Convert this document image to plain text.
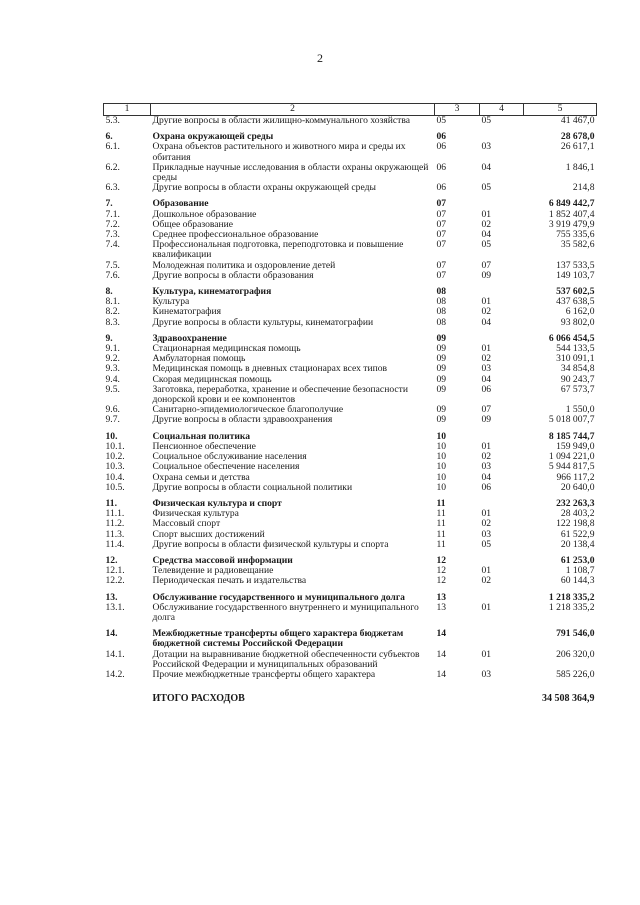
2
1	2	3	4	5
5.3.	Другие вопросы в области жилищно-коммунального хозяйства	05	05	41 467,0

6.	Охрана окружающей среды	06		28 678,0
6.1.	Охрана объектов растительного и животного мира и среды их обитания	06	03	26 617,1
6.2.	Прикладные научные исследования в области охраны окружающей среды	06	04	1 846,1
6.3.	Другие вопросы в области охраны окружающей среды	06	05	214,8

7.	Образование	07		6 849 442,7
7.1.	Дошкольное образование	07	01	1 852 407,4
7.2.	Общее образование	07	02	3 919 479,9
7.3.	Среднее профессиональное образование	07	04	755 335,6
7.4.	Профессиональная подготовка, переподготовка и повышение квалификации	07	05	35 582,6
7.5.	Молодежная политика и оздоровление детей	07	07	137 533,5
7.6.	Другие вопросы в области образования	07	09	149 103,7

8.	Культура, кинематография	08		537 602,5
8.1.	Культура	08	01	437 638,5
8.2.	Кинематография	08	02	6 162,0
8.3.	Другие вопросы в области культуры, кинематографии	08	04	93 802,0

9.	Здравоохранение	09		6 066 454,5
9.1.	Стационарная медицинская помощь	09	01	544 133,5
9.2.	Амбулаторная помощь	09	02	310 091,1
9.3.	Медицинская помощь в дневных стационарах всех типов	09	03	34 854,8
9.4.	Скорая медицинская помощь	09	04	90 243,7
9.5.	Заготовка, переработка, хранение и обеспечение безопасности донорской крови и ее компонентов	09	06	67 573,7
9.6.	Санитарно-эпидемиологическое благополучие	09	07	1 550,0
9.7.	Другие вопросы в области здравоохранения	09	09	5 018 007,7

10.	Социальная политика	10		8 185 744,7
10.1.	Пенсионное обеспечение	10	01	159 949,0
10.2.	Социальное обслуживание населения	10	02	1 094 221,0
10.3.	Социальное обеспечение населения	10	03	5 944 817,5
10.4.	Охрана семьи и детства	10	04	966 117,2
10.5.	Другие вопросы в области социальной политики	10	06	20 640,0

11.	Физическая культура и спорт	11		232 263,3
11.1.	Физическая культура	11	01	28 403,2
11.2.	Массовый спорт	11	02	122 198,8
11.3.	Спорт высших достижений	11	03	61 522,9
11.4.	Другие вопросы в области физической культуры и спорта	11	05	20 138,4

12.	Средства массовой информации	12		61 253,0
12.1.	Телевидение и радиовещание	12	01	1 108,7
12.2.	Периодическая печать и издательства	12	02	60 144,3

13.	Обслуживание государственного и муниципального долга	13		1 218 335,2
13.1.	Обслуживание государственного внутреннего и муниципального долга	13	01	1 218 335,2

14.	Межбюджетные трансферты общего характера бюджетам бюджетной системы Российской Федерации	14		791 546,0
14.1.	Дотации на выравнивание бюджетной обеспеченности субъектов Российской Федерации и муниципальных образований	14	01	206 320,0
14.2.	Прочие межбюджетные трансферты общего характера	14	03	585 226,0
	ИТОГО РАСХОДОВ			34 508 364,9
